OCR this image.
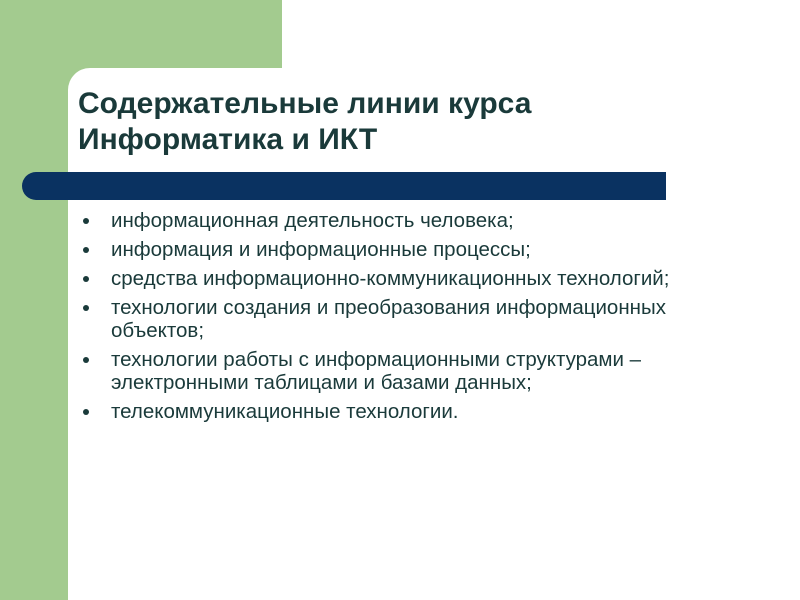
Содержательные линии курса
Информатика и ИКТ
информационная деятельность человека;
информация и информационные процессы;
средства информационно-коммуникационных технологий;
технологии создания и преобразования информационных объектов;
технологии работы с информационными структурами – электронными таблицами и базами данных;
телекоммуникационные технологии.
